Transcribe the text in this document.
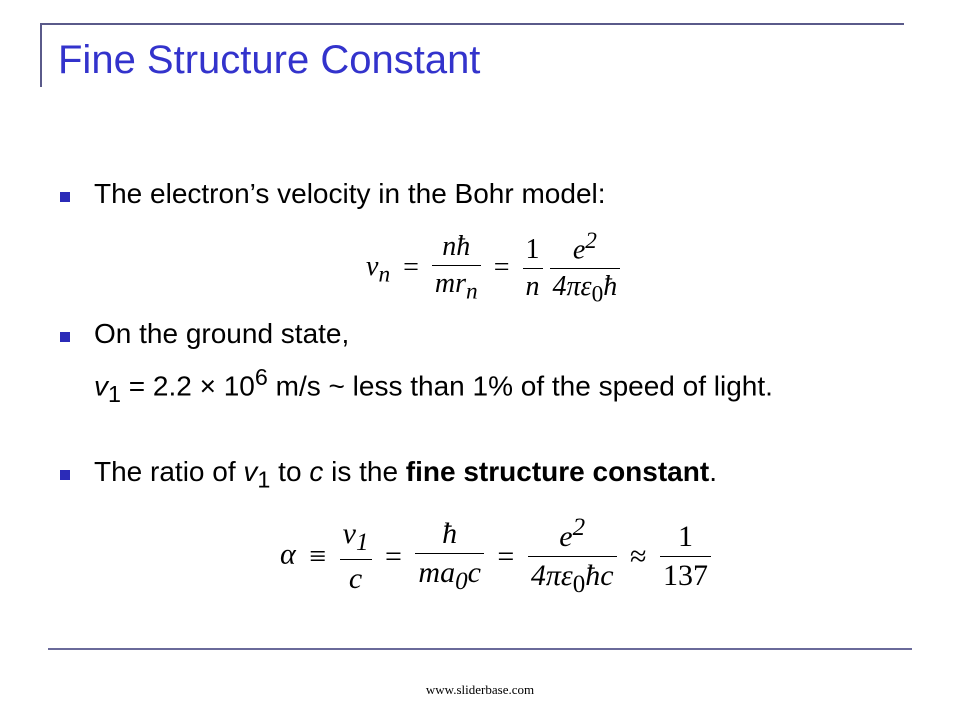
Fine Structure Constant
The electron’s velocity in the Bohr model:
$v_n = \frac{nħ}{mr_n} = \frac{1}{n}$
$\frac{e^2}{4\pi\varepsilon_0ħ}$
On the ground state,
$v_1 = 2.2 \times 10^6$ m/s ~ less than 1% of the speed of light.
The ratio of $v_1$ to c is the fine structure constant.
$\alpha \equiv \frac{v_1}{c} = \frac{ħ}{ma_0c} = \frac{e^2}{4\pi\varepsilon_0ħc} \approx \frac{1}{137}$
www.sliderbase.com
